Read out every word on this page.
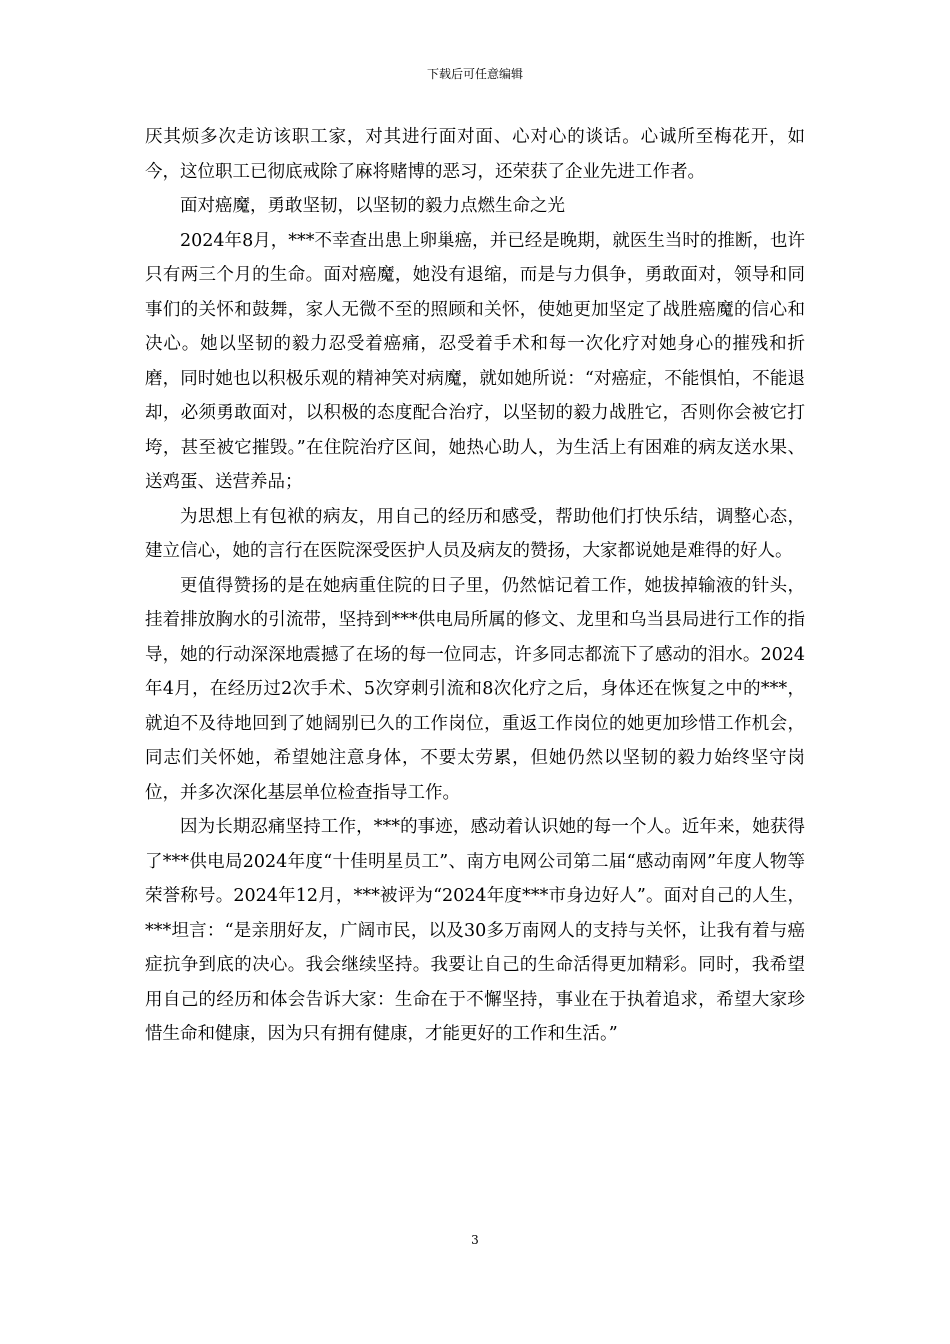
下载后可任意编辑

厌其烦多次走访该职工家，对其进行面对面、心对心的谈话。心诚所至梅花开，如今，这位职工已彻底戒除了麻将赌博的恶习，还荣获了企业先进工作者。

面对癌魔，勇敢坚韧，以坚韧的毅力点燃生命之光

2024年8月，***不幸查出患上卵巢癌，并已经是晚期，就医生当时的推断，也许只有两三个月的生命。面对癌魔，她没有退缩，而是与力俱争，勇敢面对，领导和同事们的关怀和鼓舞，家人无微不至的照顾和关怀，使她更加坚定了战胜癌魔的信心和决心。她以坚韧的毅力忍受着癌痛，忍受着手术和每一次化疗对她身心的摧残和折磨，同时她也以积极乐观的精神笑对病魔，就如她所说：“对癌症，不能惧怕，不能退却，必须勇敢面对，以积极的态度配合治疗，以坚韧的毅力战胜它，否则你会被它打垮，甚至被它摧毁。”在住院治疗区间，她热心助人，为生活上有困难的病友送水果、送鸡蛋、送营养品；

为思想上有包袱的病友，用自己的经历和感受，帮助他们打快乐结，调整心态，建立信心，她的言行在医院深受医护人员及病友的赞扬，大家都说她是难得的好人。

更值得赞扬的是在她病重住院的日子里，仍然惦记着工作，她拔掉输液的针头，挂着排放胸水的引流带，坚持到***供电局所属的修文、龙里和乌当县局进行工作的指导，她的行动深深地震撼了在场的每一位同志，许多同志都流下了感动的泪水。2024年4月，在经历过2次手术、5次穿刺引流和8次化疗之后，身体还在恢复之中的***，就迫不及待地回到了她阔别已久的工作岗位，重返工作岗位的她更加珍惜工作机会，同志们关怀她，希望她注意身体，不要太劳累，但她仍然以坚韧的毅力始终坚守岗位，并多次深化基层单位检查指导工作。

因为长期忍痛坚持工作，***的事迹，感动着认识她的每一个人。近年来，她获得了***供电局2024年度“十佳明星员工”、南方电网公司第二届“感动南网”年度人物等荣誉称号。2024年12月，***被评为“2024年度***市身边好人”。面对自己的人生，***坦言：“是亲朋好友，广阔市民，以及30多万南网人的支持与关怀，让我有着与癌症抗争到底的决心。我会继续坚持。我要让自己的生命活得更加精彩。同时，我希望用自己的经历和体会告诉大家：生命在于不懈坚持，事业在于执着追求，希望大家珍惜生命和健康，因为只有拥有健康，才能更好的工作和生活。”

3
